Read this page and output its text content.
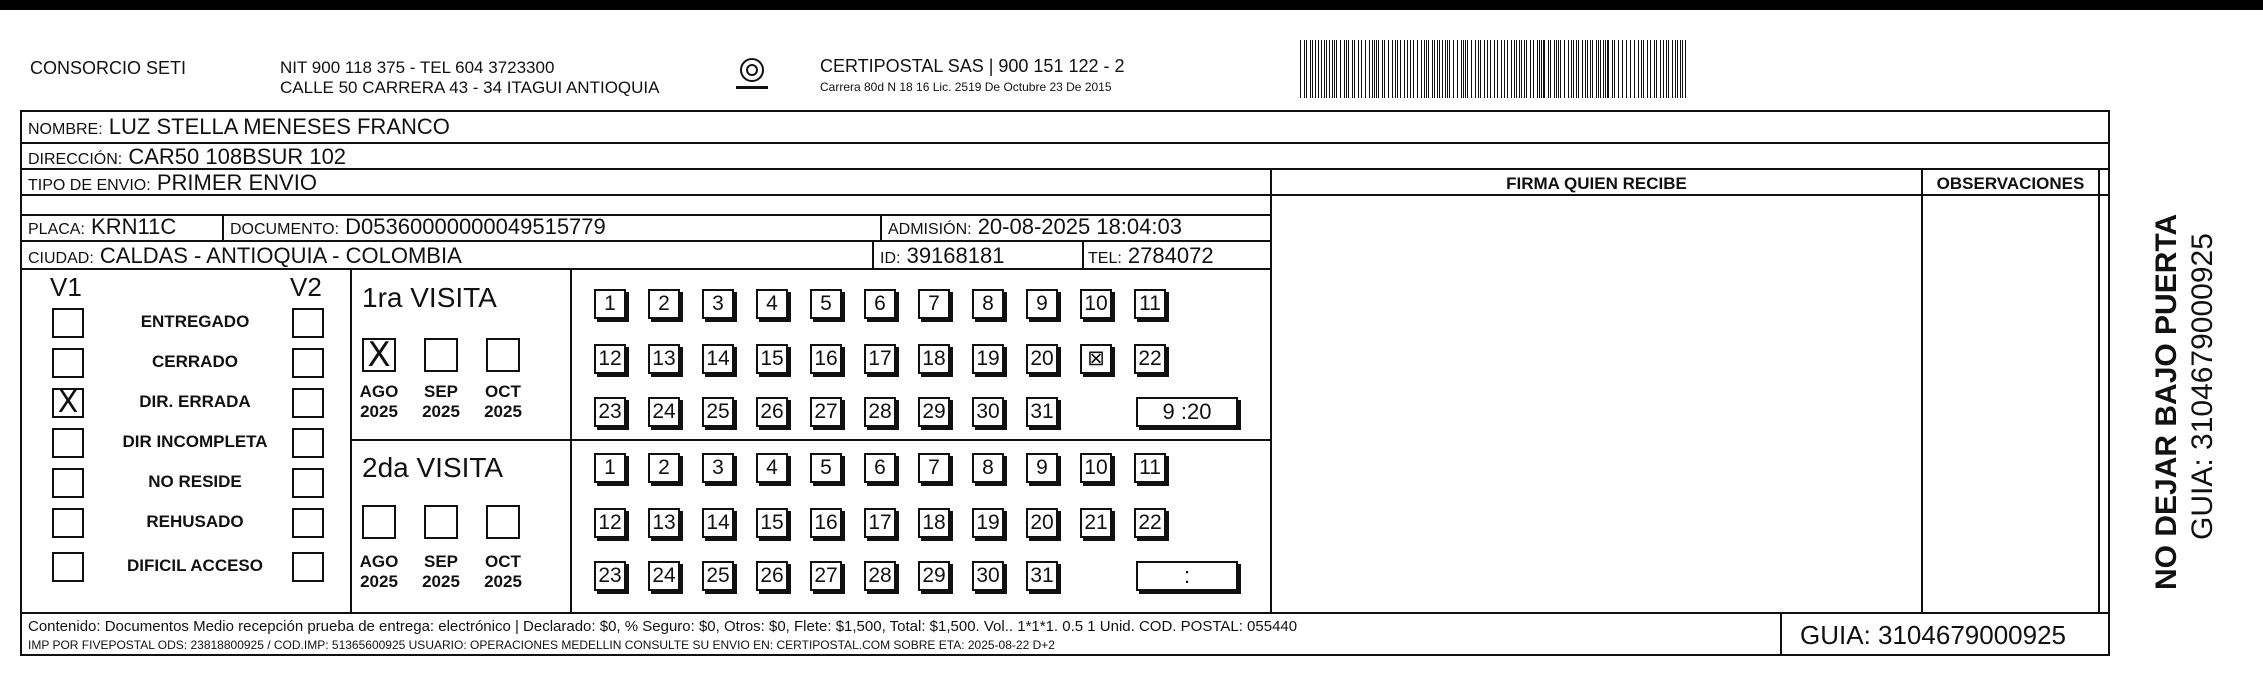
CONSORCIO SETI	NIT 900 118 375 - TEL 604 3723300
CALLE 50 CARRERA 43 - 34 ITAGUI ANTIOQUIA
CERTIPOSTAL SAS | 900 151 122 - 2
Carrera 80d N 18 16 Lic. 2519 De Octubre 23 De 2015
NOMBRE: LUZ STELLA MENESES FRANCO
DIRECCIÓN: CAR50 108BSUR 102
TIPO DE ENVIO: PRIMER ENVIO	FIRMA QUIEN RECIBE	OBSERVACIONES
PLACA: KRN11C	DOCUMENTO: D0536000000004951577​9	ADMISIÓN: 20-08-2025 18:04:03
CIUDAD: CALDAS - ANTIOQUIA - COLOMBIA	ID: 39168181	TEL: 2784072
V1	V2
ENTREGADO
CERRADO
X	DIR. ERRADA
DIR INCOMPLETA
NO RESIDE
REHUSADO
DIFICIL ACCESO
1ra VISITA
X
AGO
2025
SEP
2025
OCT
2025
1	2	3	4	5	6	7	8	9	10 11
12 13 14 15 16 17 18 19 20	⊠	22
23 24 25 26 27 28 29 30 31	9 :20
2da VISITA
AGO
2025
SEP
2025
OCT
2025
1	2	3	4	5	6	7	8	9	10 11
12 13 14 15 16 17 18 19 20 21 22
23 24 25 26 27 28 29 30 31	:
Contenido: Documentos Medio recepción prueba de entrega: electrónico | Declarado: $0, % Seguro: $0, Otros: $0, Flete: $1,500, Total: $1,500. Vol.. 1*1*1. 0.5 1 Unid. COD. POSTAL: 055440
IMP POR FIVEPOSTAL ODS: 23818800925 / COD.IMP: 51365600925 USUARIO: OPERACIONES MEDELLIN CONSULTE SU ENVIO EN: CERTIPOSTAL.COM SOBRE ETA: 2025-08-22 D+2	GUIA: 3104679000925
NO DEJAR BAJO PUERTA GUIA: 3104679000925
